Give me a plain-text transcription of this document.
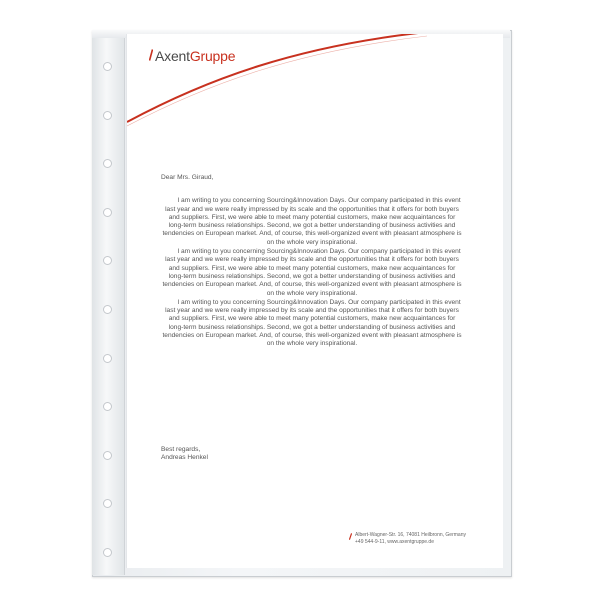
Axent Gruppe

Dear Mrs. Giraud,

I am writing to you concerning Sourcing&Innovation Days. Our company participated in this event last year and we were really impressed by its scale and the opportunities that it offers for both buyers and suppliers. First, we were able to meet many potential customers, make new acquaintances for long-term business relationships. Second, we got a better understanding of business activities and tendencies on European market. And, of course, this well-organized event with pleasant atmosphere is on the whole very inspirational.

I am writing to you concerning Sourcing&Innovation Days. Our company participated in this event last year and we were really impressed by its scale and the opportunities that it offers for both buyers and suppliers. First, we were able to meet many potential customers, make new acquaintances for long-term business relationships. Second, we got a better understanding of business activities and tendencies on European market. And, of course, this well-organized event with pleasant atmosphere is on the whole very inspirational.

I am writing to you concerning Sourcing&Innovation Days. Our company participated in this event last year and we were really impressed by its scale and the opportunities that it offers for both buyers and suppliers. First, we were able to meet many potential customers, make new acquaintances for long-term business relationships. Second, we got a better understanding of business activities and tendencies on European market. And, of course, this well-organized event with pleasant atmosphere is on the whole very inspirational.

Best regards,
Andreas Henkel
Albert-Wagner-Str. 16, 74081 Heilbronn, Germany
+49 544-9-11, www.axentgruppe.de
